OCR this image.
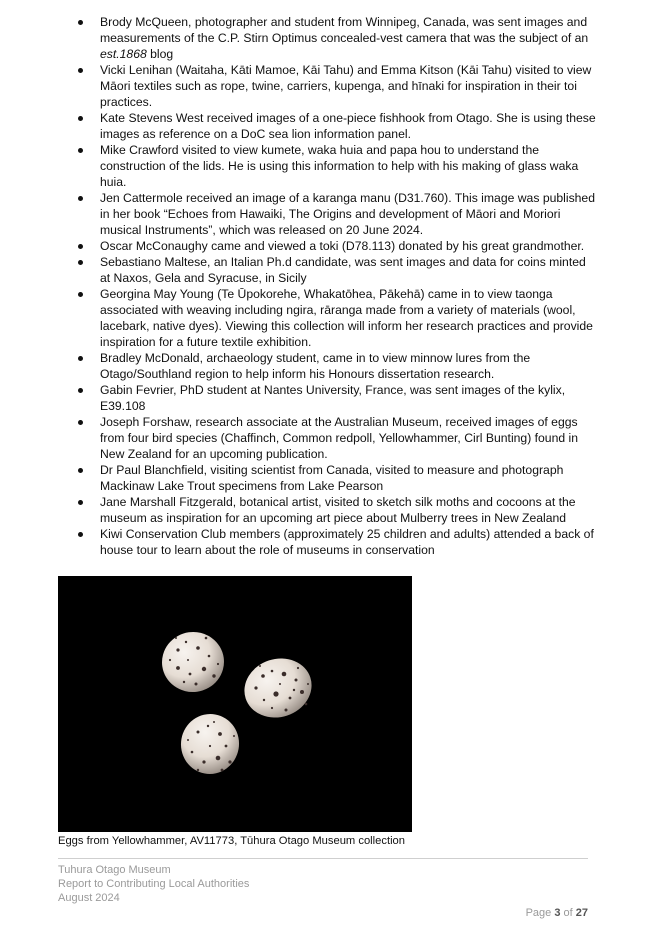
Brody McQueen, photographer and student from Winnipeg, Canada, was sent images and measurements of the C.P. Stirn Optimus concealed-vest camera that was the subject of an est.1868 blog
Vicki Lenihan (Waitaha, Kāti Mamoe, Kāi Tahu) and Emma Kitson (Kāi Tahu) visited to view Māori textiles such as rope, twine, carriers, kupenga, and hīnaki for inspiration in their toi practices.
Kate Stevens West received images of a one-piece fishhook from Otago. She is using these images as reference on a DoC sea lion information panel.
Mike Crawford visited to view kumete, waka huia and papa hou to understand the construction of the lids. He is using this information to help with his making of glass waka huia.
Jen Cattermole received an image of a karanga manu (D31.760). This image was published in her book “Echoes from Hawaiki, The Origins and development of Māori and Moriori musical Instruments”, which was released on 20 June 2024.
Oscar McConaughy came and viewed a toki (D78.113) donated by his great grandmother.
Sebastiano Maltese, an Italian Ph.d candidate, was sent images and data for coins minted at Naxos, Gela and Syracuse, in Sicily
Georgina May Young (Te Ūpokorehe, Whakatōhea, Pākehā) came in to view taonga associated with weaving including ngira, rāranga made from a variety of materials (wool, lacebark, native dyes). Viewing this collection will inform her research practices and provide inspiration for a future textile exhibition.
Bradley McDonald, archaeology student, came in to view minnow lures from the Otago/Southland region to help inform his Honours dissertation research.
Gabin Fevrier, PhD student at Nantes University, France, was sent images of the kylix, E39.108
Joseph Forshaw, research associate at the Australian Museum, received images of eggs from four bird species (Chaffinch, Common redpoll, Yellowhammer, Cirl Bunting) found in New Zealand for an upcoming publication.
Dr Paul Blanchfield, visiting scientist from Canada, visited to measure and photograph Mackinaw Lake Trout specimens from Lake Pearson
Jane Marshall Fitzgerald, botanical artist, visited to sketch silk moths and cocoons at the museum as inspiration for an upcoming art piece about Mulberry trees in New Zealand
Kiwi Conservation Club members (approximately 25 children and adults) attended a back of house tour to learn about the role of museums in conservation
Eggs from Yellowhammer, AV11773, Tūhura Otago Museum collection
Tuhura Otago Museum
Report to Contributing Local Authorities
August 2024
Page 3 of 27
